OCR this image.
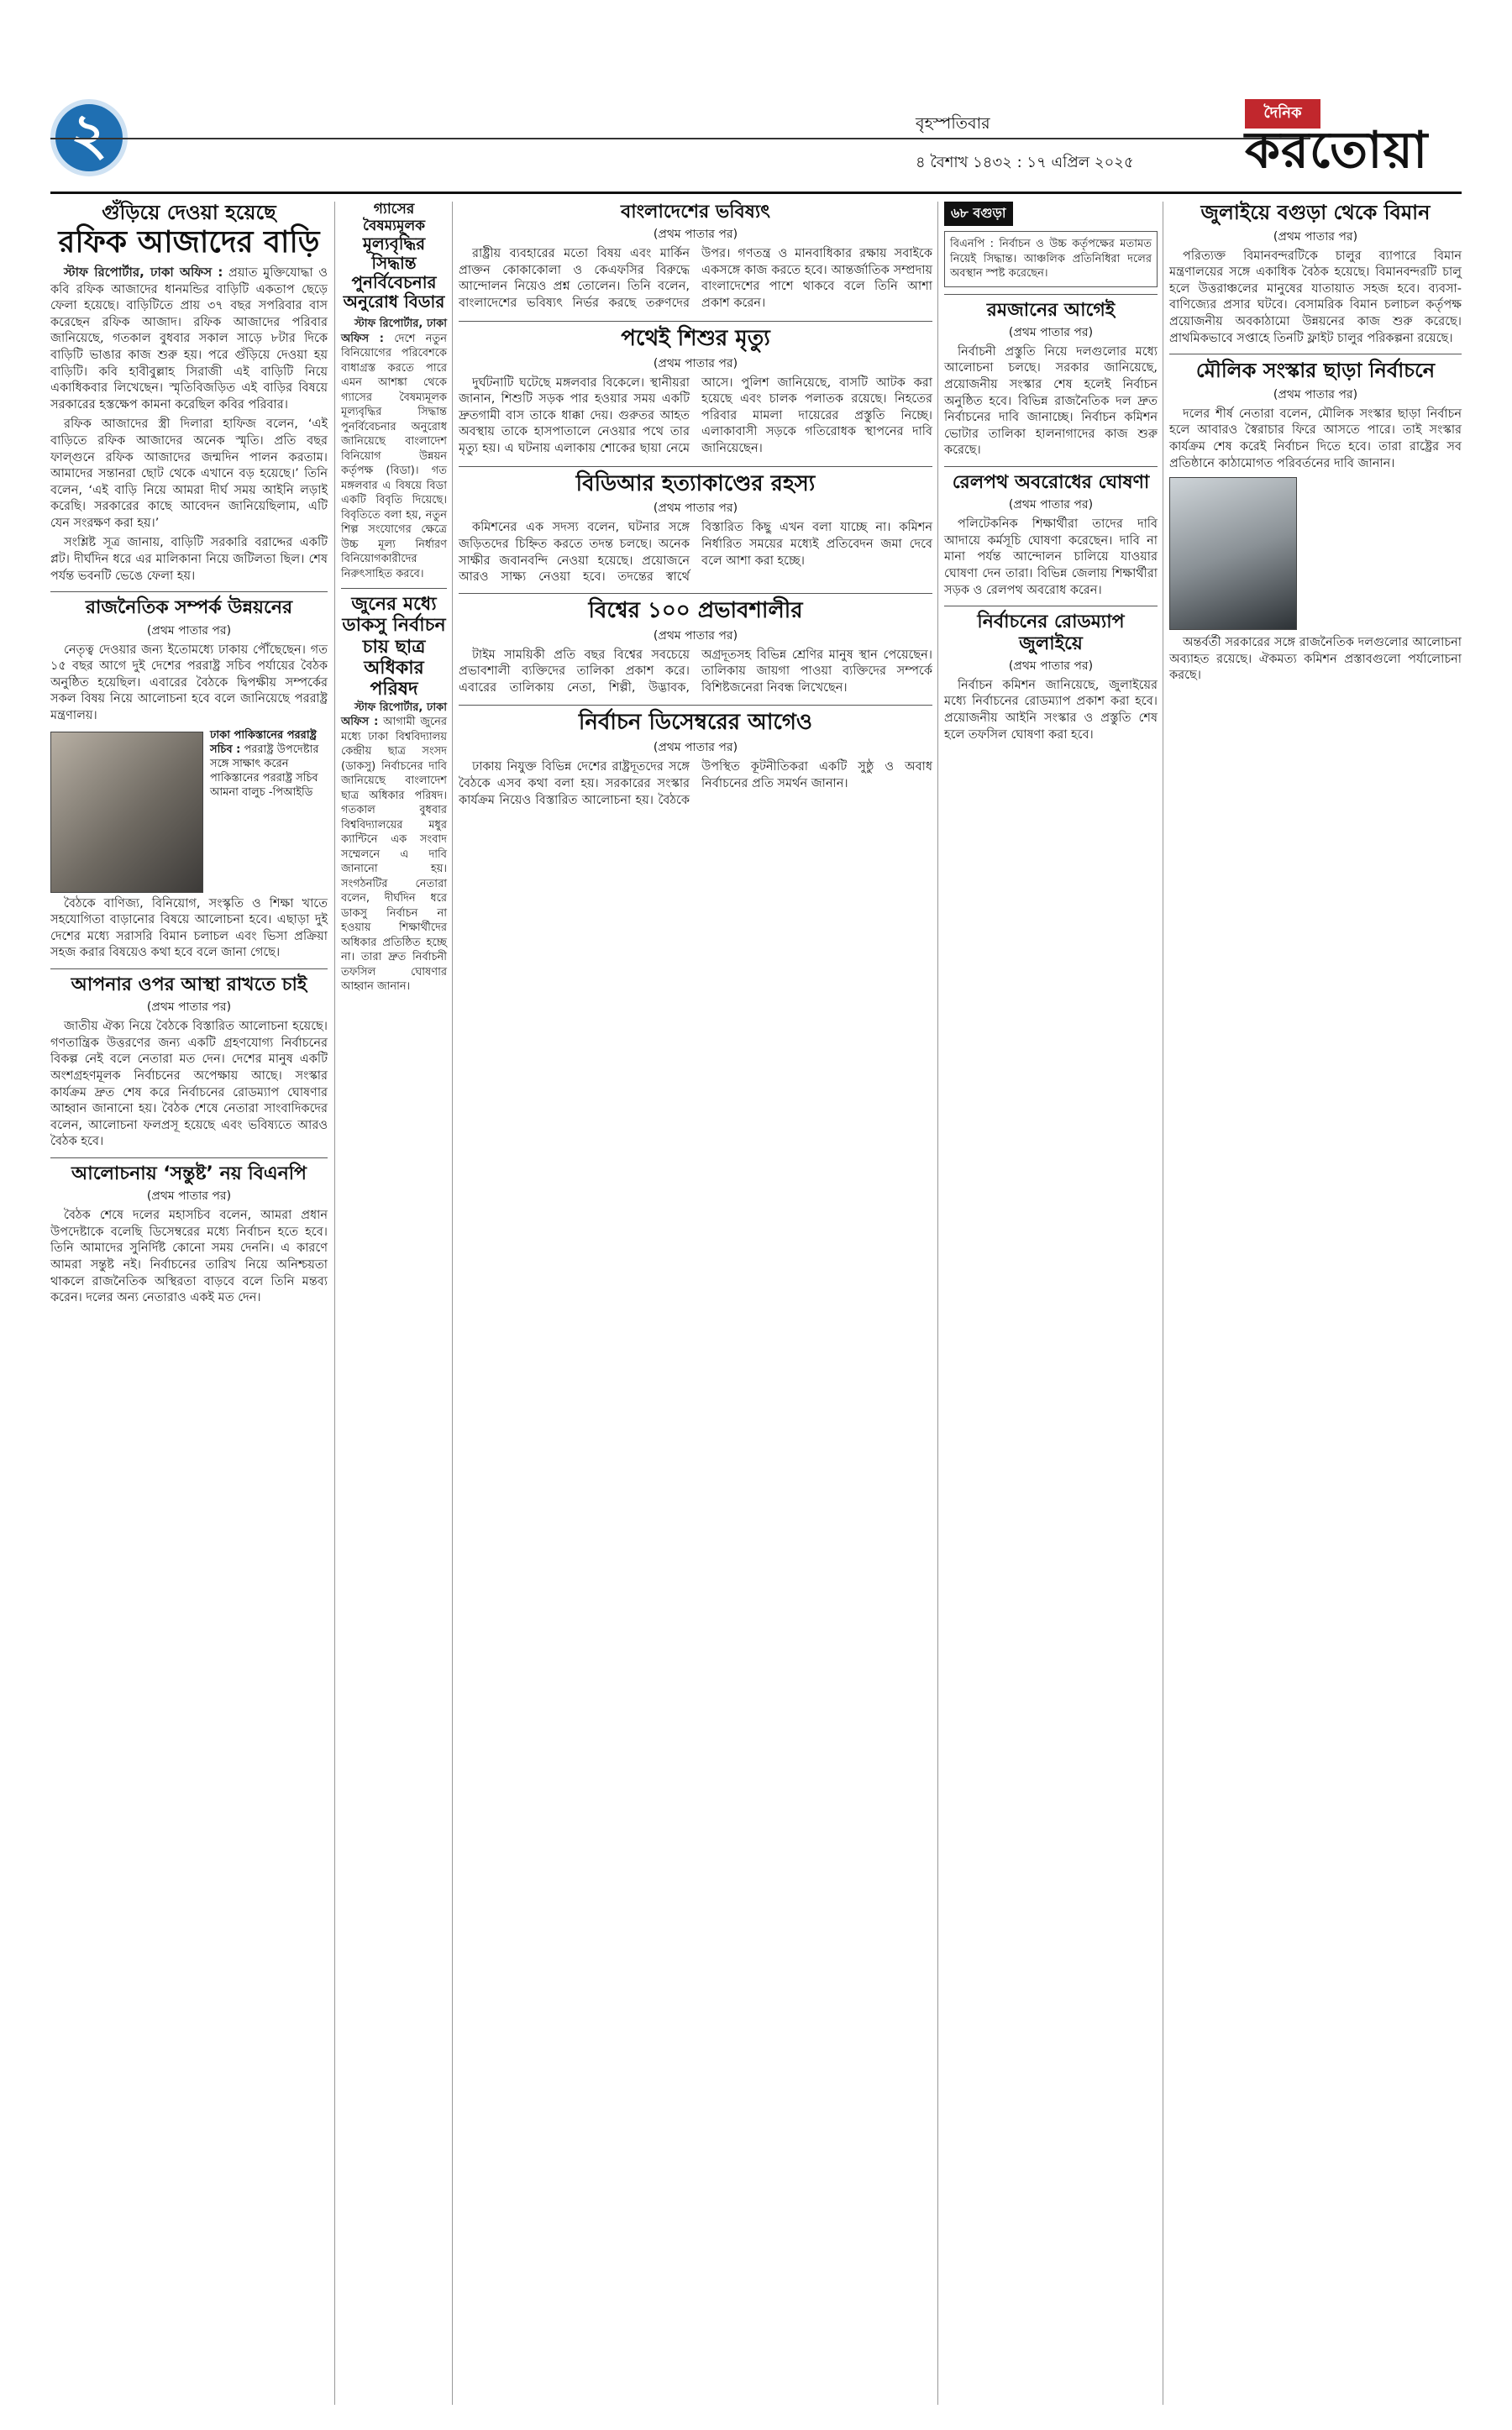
২	বৃহস্পতিবার
৪ বৈশাখ ১৪৩২ : ১৭ এপ্রিল ২০২৫
দৈনিক
করতোয়া
গুঁড়িয়ে দেওয়া হয়েছে
রফিক আজাদের বাড়ি

স্টাফ রিপোর্টার, ঢাকা অফিস : প্রয়াত মুক্তিযোদ্ধা ও কবি রফিক আজাদের ধানমন্ডির বাড়িটি একতাপ ছেড়ে ফেলা হয়েছে। বাড়িটিতে প্রায় ৩৭ বছর সপরিবার বাস করেছেন রফিক আজাদ। রফিক আজাদের পরিবার জানিয়েছে, গতকাল বুধবার সকাল সাড়ে ৮টার দিকে বাড়িটি ভাঙার কাজ শুরু হয়। পরে গুঁড়িয়ে দেওয়া হয় বাড়িটি। কবি হাবীবুল্লাহ সিরাজী এই বাড়িটি নিয়ে একাধিকবার লিখেছেন। স্মৃতিবিজড়িত এই বাড়ির বিষয়ে সরকারের হস্তক্ষেপ কামনা করেছিল কবির পরিবার।

রফিক আজাদের স্ত্রী দিলারা হাফিজ বলেন, ‘এই বাড়িতে রফিক আজাদের অনেক স্মৃতি। প্রতি বছর ফাল্গুনে রফিক আজাদের জন্মদিন পালন করতাম। আমাদের সন্তানরা ছোট থেকে এখানে বড় হয়েছে।’ তিনি বলেন, ‘এই বাড়ি নিয়ে আমরা দীর্ঘ সময় আইনি লড়াই করেছি। সরকারের কাছে আবেদন জানিয়েছিলাম, এটি যেন সংরক্ষণ করা হয়।’

সংশ্লিষ্ট সূত্র জানায়, বাড়িটি সরকারি বরাদ্দের একটি প্লট। দীর্ঘদিন ধরে এর মালিকানা নিয়ে জটিলতা ছিল। শেষ পর্যন্ত ভবনটি ভেঙে ফেলা হয়।

রাজনৈতিক সম্পর্ক উন্নয়নের
(প্রথম পাতার পর)

নেতৃত্ব দেওয়ার জন্য ইতোমধ্যে ঢাকায় পৌঁছেছেন। গত ১৫ বছর আগে দুই দেশের পররাষ্ট্র সচিব পর্যায়ের বৈঠক অনুষ্ঠিত হয়েছিল। এবারের বৈঠকে দ্বিপক্ষীয় সম্পর্কের সকল বিষয় নিয়ে আলোচনা হবে বলে জানিয়েছে পররাষ্ট্র মন্ত্রণালয়।

ঢাকা পাকিস্তানের পররাষ্ট্র সচিব : পররাষ্ট্র উপদেষ্টার সঙ্গে সাক্ষাৎ করেন পাকিস্তানের পররাষ্ট্র সচিব আমনা বালুচ -পিআইডি

বৈঠকে বাণিজ্য, বিনিয়োগ, সংস্কৃতি ও শিক্ষা খাতে সহযোগিতা বাড়ানোর বিষয়ে আলোচনা হবে। এছাড়া দুই দেশের মধ্যে সরাসরি বিমান চলাচল এবং ভিসা প্রক্রিয়া সহজ করার বিষয়েও কথা হবে বলে জানা গেছে।

আপনার ওপর আস্থা রাখতে চাই
(প্রথম পাতার পর)

জাতীয় ঐক্য নিয়ে বৈঠকে বিস্তারিত আলোচনা হয়েছে। গণতান্ত্রিক উত্তরণের জন্য একটি গ্রহণযোগ্য নির্বাচনের বিকল্প নেই বলে নেতারা মত দেন। দেশের মানুষ একটি অংশগ্রহণমূলক নির্বাচনের অপেক্ষায় আছে। সংস্কার কার্যক্রম দ্রুত শেষ করে নির্বাচনের রোডম্যাপ ঘোষণার আহ্বান জানানো হয়। বৈঠক শেষে নেতারা সাংবাদিকদের বলেন, আলোচনা ফলপ্রসূ হয়েছে এবং ভবিষ্যতে আরও বৈঠক হবে।

আলোচনায় ‘সন্তুষ্ট’ নয় বিএনপি
(প্রথম পাতার পর)

বৈঠক শেষে দলের মহাসচিব বলেন, আমরা প্রধান উপদেষ্টাকে বলেছি ডিসেম্বরের মধ্যে নির্বাচন হতে হবে। তিনি আমাদের সুনির্দিষ্ট কোনো সময় দেননি। এ কারণে আমরা সন্তুষ্ট নই। নির্বাচনের তারিখ নিয়ে অনিশ্চয়তা থাকলে রাজনৈতিক অস্থিরতা বাড়বে বলে তিনি মন্তব্য করেন। দলের অন্য নেতারাও একই মত দেন।

গ্যাসের বৈষম্যমূলক
মূল্যবৃদ্ধির সিদ্ধান্ত পুনর্বিবেচনার অনুরোধ বিডার

স্টাফ রিপোর্টার, ঢাকা অফিস : দেশে নতুন বিনিয়োগের পরিবেশকে বাধাগ্রস্ত করতে পারে এমন আশঙ্কা থেকে গ্যাসের বৈষম্যমূলক মূল্যবৃদ্ধির সিদ্ধান্ত পুনর্বিবেচনার অনুরোধ জানিয়েছে বাংলাদেশ বিনিয়োগ উন্নয়ন কর্তৃপক্ষ (বিডা)। গত মঙ্গলবার এ বিষয়ে বিডা একটি বিবৃতি দিয়েছে। বিবৃতিতে বলা হয়, নতুন শিল্প সংযোগের ক্ষেত্রে উচ্চ মূল্য নির্ধারণ বিনিয়োগকারীদের নিরুৎসাহিত করবে।

জুনের মধ্যে ডাকসু নির্বাচন চায় ছাত্র অধিকার পরিষদ

স্টাফ রিপোর্টার, ঢাকা অফিস : আগামী জুনের মধ্যে ঢাকা বিশ্ববিদ্যালয় কেন্দ্রীয় ছাত্র সংসদ (ডাকসু) নির্বাচনের দাবি জানিয়েছে বাংলাদেশ ছাত্র অধিকার পরিষদ। গতকাল বুধবার বিশ্ববিদ্যালয়ের মধুর ক্যান্টিনে এক সংবাদ সম্মেলনে এ দাবি জানানো হয়। সংগঠনটির নেতারা বলেন, দীর্ঘদিন ধরে ডাকসু নির্বাচন না হওয়ায় শিক্ষার্থীদের অধিকার প্রতিষ্ঠিত হচ্ছে না। তারা দ্রুত নির্বাচনী তফসিল ঘোষণার আহ্বান জানান।

বাংলাদেশের ভবিষ্যৎ
(প্রথম পাতার পর)

রাষ্ট্রীয় ব্যবহারের মতো বিষয় এবং মার্কিন প্রাক্তন কোকাকোলা ও কেএফসির বিরুদ্ধে আন্দোলন নিয়েও প্রশ্ন তোলেন। তিনি বলেন, বাংলাদেশের ভবিষ্যৎ নির্ভর করছে তরুণদের উপর। গণতন্ত্র ও মানবাধিকার রক্ষায় সবাইকে একসঙ্গে কাজ করতে হবে। আন্তর্জাতিক সম্প্রদায় বাংলাদেশের পাশে থাকবে বলে তিনি আশা প্রকাশ করেন।

পথেই শিশুর মৃত্যু
(প্রথম পাতার পর)

দুর্ঘটনাটি ঘটেছে মঙ্গলবার বিকেলে। স্থানীয়রা জানান, শিশুটি সড়ক পার হওয়ার সময় একটি দ্রুতগামী বাস তাকে ধাক্কা দেয়। গুরুতর আহত অবস্থায় তাকে হাসপাতালে নেওয়ার পথে তার মৃত্যু হয়। এ ঘটনায় এলাকায় শোকের ছায়া নেমে আসে। পুলিশ জানিয়েছে, বাসটি আটক করা হয়েছে এবং চালক পলাতক রয়েছে। নিহতের পরিবার মামলা দায়েরের প্রস্তুতি নিচ্ছে। এলাকাবাসী সড়কে গতিরোধক স্থাপনের দাবি জানিয়েছেন।

বিডিআর হত্যাকাণ্ডের রহস্য
(প্রথম পাতার পর)

কমিশনের এক সদস্য বলেন, ঘটনার সঙ্গে জড়িতদের চিহ্নিত করতে তদন্ত চলছে। অনেক সাক্ষীর জবানবন্দি নেওয়া হয়েছে। প্রয়োজনে আরও সাক্ষ্য নেওয়া হবে। তদন্তের স্বার্থে বিস্তারিত কিছু এখন বলা যাচ্ছে না। কমিশন নির্ধারিত সময়ের মধ্যেই প্রতিবেদন জমা দেবে বলে আশা করা হচ্ছে।

বিশ্বের ১০০ প্রভাবশালীর
(প্রথম পাতার পর)

টাইম সাময়িকী প্রতি বছর বিশ্বের সবচেয়ে প্রভাবশালী ব্যক্তিদের তালিকা প্রকাশ করে। এবারের তালিকায় নেতা, শিল্পী, উদ্ভাবক, অগ্রদূতসহ বিভিন্ন শ্রেণির মানুষ স্থান পেয়েছেন। তালিকায় জায়গা পাওয়া ব্যক্তিদের সম্পর্কে বিশিষ্টজনেরা নিবন্ধ লিখেছেন।

নির্বাচন ডিসেম্বরের আগেও
(প্রথম পাতার পর)

ঢাকায় নিযুক্ত বিভিন্ন দেশের রাষ্ট্রদূতদের সঙ্গে বৈঠকে এসব কথা বলা হয়। সরকারের সংস্কার কার্যক্রম নিয়েও বিস্তারিত আলোচনা হয়। বৈঠকে উপস্থিত কূটনীতিকরা একটি সুষ্ঠু ও অবাধ নির্বাচনের প্রতি সমর্থন জানান।

৬৮ বগুড়া
বিএনপি : নির্বাচন ও উচ্চ কর্তৃপক্ষের মতামত নিয়েই সিদ্ধান্ত। আঞ্চলিক প্রতিনিধিরা দলের অবস্থান স্পষ্ট করেছেন।
রমজানের আগেই
(প্রথম পাতার পর)

নির্বাচনী প্রস্তুতি নিয়ে দলগুলোর মধ্যে আলোচনা চলছে। সরকার জানিয়েছে, প্রয়োজনীয় সংস্কার শেষ হলেই নির্বাচন অনুষ্ঠিত হবে। বিভিন্ন রাজনৈতিক দল দ্রুত নির্বাচনের দাবি জানাচ্ছে। নির্বাচন কমিশন ভোটার তালিকা হালনাগাদের কাজ শুরু করেছে।

রেলপথ অবরোধের ঘোষণা
(প্রথম পাতার পর)

পলিটেকনিক শিক্ষার্থীরা তাদের দাবি আদায়ে কর্মসূচি ঘোষণা করেছেন। দাবি না মানা পর্যন্ত আন্দোলন চালিয়ে যাওয়ার ঘোষণা দেন তারা। বিভিন্ন জেলায় শিক্ষার্থীরা সড়ক ও রেলপথ অবরোধ করেন।

নির্বাচনের রোডম্যাপ জুলাইয়ে
(প্রথম পাতার পর)

নির্বাচন কমিশন জানিয়েছে, জুলাইয়ের মধ্যে নির্বাচনের রোডম্যাপ প্রকাশ করা হবে। প্রয়োজনীয় আইনি সংস্কার ও প্রস্তুতি শেষ হলে তফসিল ঘোষণা করা হবে।

জুলাইয়ে বগুড়া থেকে বিমান
(প্রথম পাতার পর)

পরিত্যক্ত বিমানবন্দরটিকে চালুর ব্যাপারে বিমান মন্ত্রণালয়ের সঙ্গে একাধিক বৈঠক হয়েছে। বিমানবন্দরটি চালু হলে উত্তরাঞ্চলের মানুষের যাতায়াত সহজ হবে। ব্যবসা-বাণিজ্যের প্রসার ঘটবে। বেসামরিক বিমান চলাচল কর্তৃপক্ষ প্রয়োজনীয় অবকাঠামো উন্নয়নের কাজ শুরু করেছে। প্রাথমিকভাবে সপ্তাহে তিনটি ফ্লাইট চালুর পরিকল্পনা রয়েছে।

মৌলিক সংস্কার ছাড়া নির্বাচনে
(প্রথম পাতার পর)

দলের শীর্ষ নেতারা বলেন, মৌলিক সংস্কার ছাড়া নির্বাচন হলে আবারও স্বৈরাচার ফিরে আসতে পারে। তাই সংস্কার কার্যক্রম শেষ করেই নির্বাচন দিতে হবে। তারা রাষ্ট্রের সব প্রতিষ্ঠানে কাঠামোগত পরিবর্তনের দাবি জানান।

অন্তর্বর্তী সরকারের সঙ্গে রাজনৈতিক দলগুলোর আলোচনা অব্যাহত রয়েছে। ঐকমত্য কমিশন প্রস্তাবগুলো পর্যালোচনা করছে।
